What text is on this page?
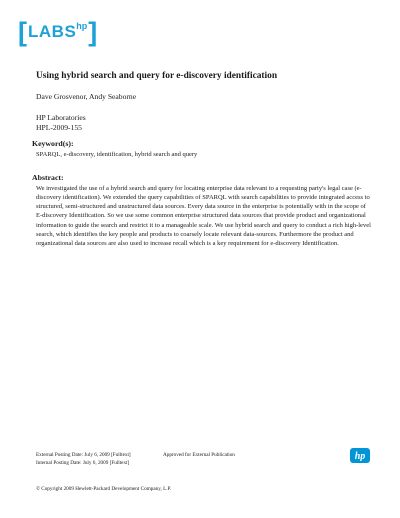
[ LABS hp ]
Using hybrid search and query for e-discovery identification
Dave Grosvenor, Andy Seaborne
HP Laboratories
HPL-2009-155
Keyword(s):
SPARQL, e-discovery, identification, hybrid search and query
Abstract:
We investigated the use of a hybrid search and query for locating enterprise data relevant to a requesting party's legal case (e-discovery identification). We extended the query capabilities of SPARQL with search capabilities to provide integrated access to structured, semi-structured and unstructured data sources. Every data source in the enterprise is potentially with in the scope of E-discovery Identification. So we use some common enterprise structured data sources that provide product and organizational information to guide the search and restrict it to a manageable scale. We use hybrid search and query to conduct a rich high-level search, which identifies the key people and products to coarsely locate relevant data-sources. Furthermore the product and organizational data sources are also used to increase recall which is a key requirement for e-discovery Identification.
External Posting Date: July 6, 2009 [Fulltext]	Approved for External Publication
Internal Posting Date: July 6, 2009 [Fulltext]
hp
© Copyright 2009 Hewlett-Packard Development Company, L.P.
